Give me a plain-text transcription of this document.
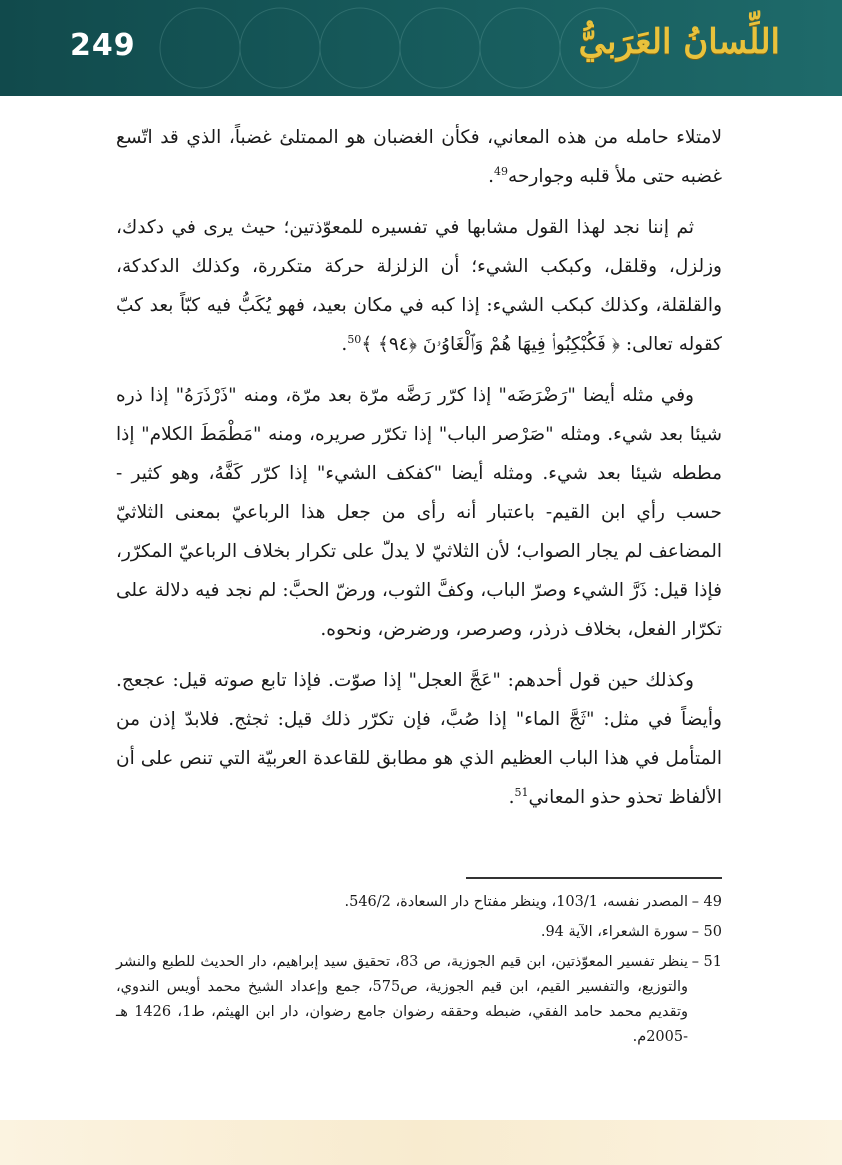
249	اللِّسانُ العَرَبيُّ

لامتلاء حامله من هذه المعاني، فكأن الغضبان هو الممتلئ غضباً، الذي قد اتّسع غضبه حتى ملأ قلبه وجوارحه$^{49}$.

ثم إننا نجد لهذا القول مشابها في تفسيره للمعوّذتين؛ حيث يرى في دكدك، وزلزل، وقلقل، وكبكب الشيء؛ أن الزلزلة حركة متكررة، وكذلك الدكدكة، والقلقلة، وكذلك كبكب الشيء: إذا كبه في مكان بعيد، فهو يُكَبُّ فيه كبّاً بعد كبّ كقوله تعالى: ﴿ فَكُبْكِبُوا۟ فِيهَا هُمْ وَٱلْغَاوُۥنَ ﴿٩٤﴾ ﴾$^{50}$.

وفي مثله أيضا "رَضْرَضَه" إذا كرّر رَضَّه مرّة بعد مرّة، ومنه "ذَرْذَرَهُ" إذا ذره شيئا بعد شيء. ومثله "صَرْصر الباب" إذا تكرّر صريره، ومنه "مَطْمَطَ الكلام" إذا مططه شيئا بعد شيء. ومثله أيضا "كفكف الشيء" إذا كرّر كَفَّهُ، وهو كثير - حسب رأي ابن القيم- باعتبار أنه رأى من جعل هذا الرباعيّ بمعنى الثلاثيّ المضاعف لم يجار الصواب؛ لأن الثلاثيّ لا يدلّ على تكرار بخلاف الرباعيّ المكرّر، فإذا قيل: ذَرَّ الشيء وصرّ الباب، وكفَّ الثوب، ورضّ الحبَّ: لم نجد فيه دلالة على تكرّار الفعل، بخلاف ذرذر، وصرصر، ورضرض، ونحوه.

وكذلك حين قول أحدهم: "عَجَّ العجل" إذا صوّت. فإذا تابع صوته قيل: عجعج. وأيضاً في مثل: "ثَجَّ الماء" إذا صُبَّ، فإن تكرّر ذلك قيل: ثجثج. فلابدّ إذن من المتأمل في هذا الباب العظيم الذي هو مطابق للقاعدة العربيّة التي تنص على أن الألفاظ تحذو حذو المعاني$^{51}$.

49 –
المصدر نفسه، 103/1، وينظر مفتاح دار السعادة، 546/2.
50 –
سورة الشعراء، الآية 94.
51 –
ينظر تفسير المعوّذتين، ابن قيم الجوزية، ص 83، تحقيق سيد إبراهيم، دار الحديث للطبع والنشر والتوزيع، والتفسير القيم، ابن قيم الجوزية، ص575، جمع وإعداد الشيخ محمد أويس الندوي، وتقديم محمد حامد الفقي، ضبطه وحققه رضوان جامع رضوان، دار ابن الهيثم، ط1، 1426 هـ -2005م.
